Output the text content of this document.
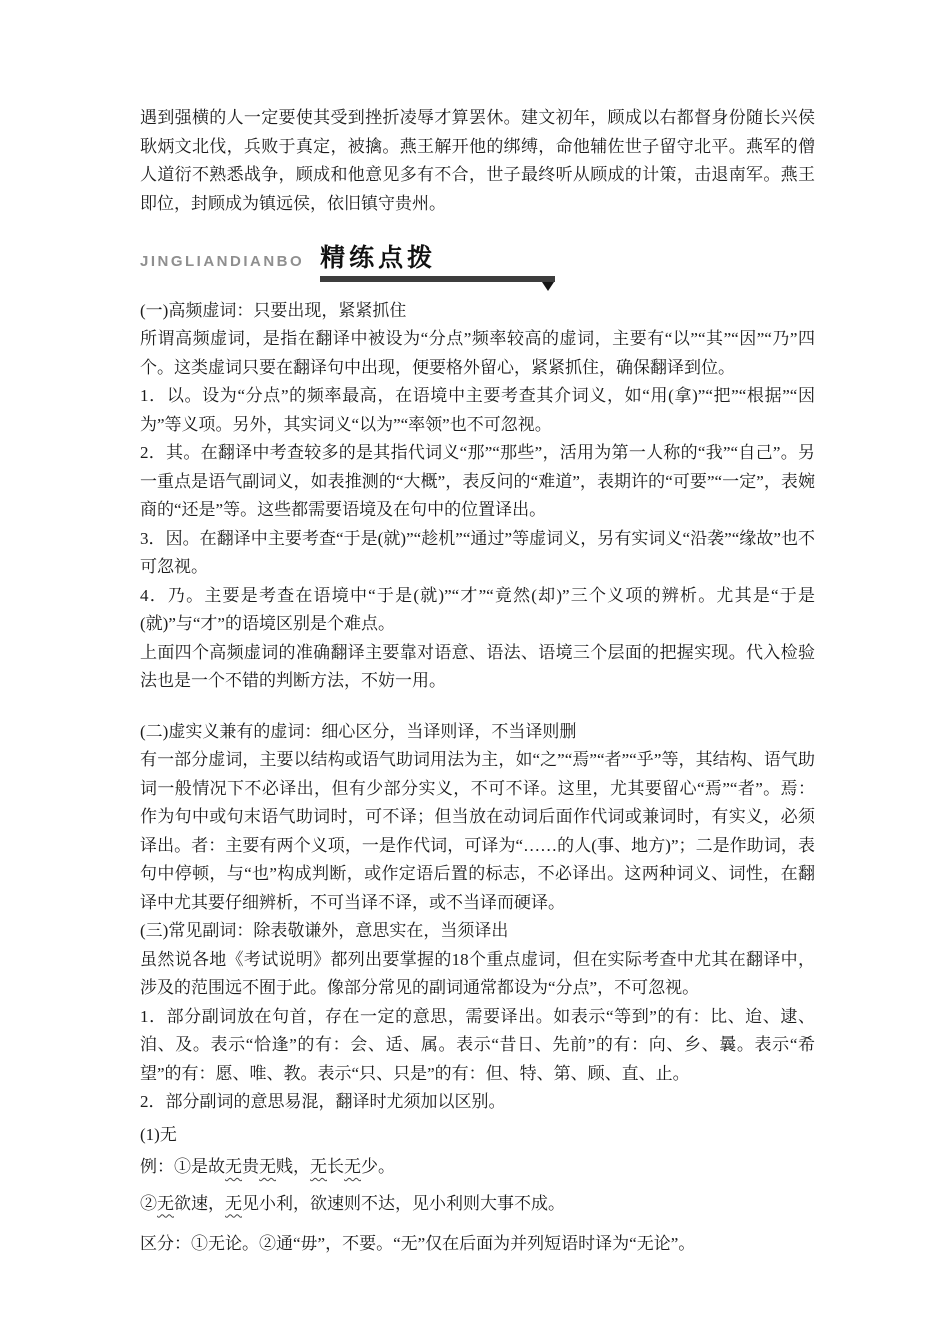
遇到强横的人一定要使其受到挫折凌辱才算罢休。建文初年，顾成以右都督身份随长兴侯耿炳文北伐，兵败于真定，被擒。燕王解开他的绑缚，命他辅佐世子留守北平。燕军的僧人道衍不熟悉战争，顾成和他意见多有不合，世子最终听从顾成的计策，击退南军。燕王即位，封顾成为镇远侯，依旧镇守贵州。

JINGLIANDIANBO 精练点拨

(一)高频虚词：只要出现，紧紧抓住

所谓高频虚词，是指在翻译中被设为“分点”频率较高的虚词，主要有“以”“其”“因”“乃”四个。这类虚词只要在翻译句中出现，便要格外留心，紧紧抓住，确保翻译到位。

1．以。设为“分点”的频率最高，在语境中主要考查其介词义，如“用(拿)”“把”“根据”“因为”等义项。另外，其实词义“以为”“率领”也不可忽视。

2．其。在翻译中考查较多的是其指代词义“那”“那些”，活用为第一人称的“我”“自己”。另一重点是语气副词义，如表推测的“大概”，表反问的“难道”，表期许的“可要”“一定”，表婉商的“还是”等。这些都需要语境及在句中的位置译出。

3．因。在翻译中主要考查“于是(就)”“趁机”“通过”等虚词义，另有实词义“沿袭”“缘故”也不可忽视。

4．乃。主要是考查在语境中“于是(就)”“才”“竟然(却)”三个义项的辨析。尤其是“于是(就)”与“才”的语境区别是个难点。

上面四个高频虚词的准确翻译主要靠对语意、语法、语境三个层面的把握实现。代入检验法也是一个不错的判断方法，不妨一用。

(二)虚实义兼有的虚词：细心区分，当译则译，不当译则删

有一部分虚词，主要以结构或语气助词用法为主，如“之”“焉”“者”“乎”等，其结构、语气助词一般情况下不必译出，但有少部分实义，不可不译。这里，尤其要留心“焉”“者”。焉：作为句中或句末语气助词时，可不译；但当放在动词后面作代词或兼词时，有实义，必须译出。者：主要有两个义项，一是作代词，可译为“……的人(事、地方)”；二是作助词，表句中停顿，与“也”构成判断，或作定语后置的标志，不必译出。这两种词义、词性，在翻译中尤其要仔细辨析，不可当译不译，或不当译而硬译。

(三)常见副词：除表敬谦外，意思实在，当须译出

虽然说各地《考试说明》都列出要掌握的18个重点虚词，但在实际考查中尤其在翻译中，涉及的范围远不囿于此。像部分常见的副词通常都设为“分点”，不可忽视。

1．部分副词放在句首，存在一定的意思，需要译出。如表示“等到”的有：比、迨、逮、洎、及。表示“恰逢”的有：会、适、属。表示“昔日、先前”的有：向、乡、曩。表示“希望”的有：愿、唯、教。表示“只、只是”的有：但、特、第、顾、直、止。

2．部分副词的意思易混，翻译时尤须加以区别。

(1)无

例：①是故无贵无贱，无长无少。

②无欲速，无见小利，欲速则不达，见小利则大事不成。

区分：①无论。②通“毋”，不要。“无”仅在后面为并列短语时译为“无论”。
